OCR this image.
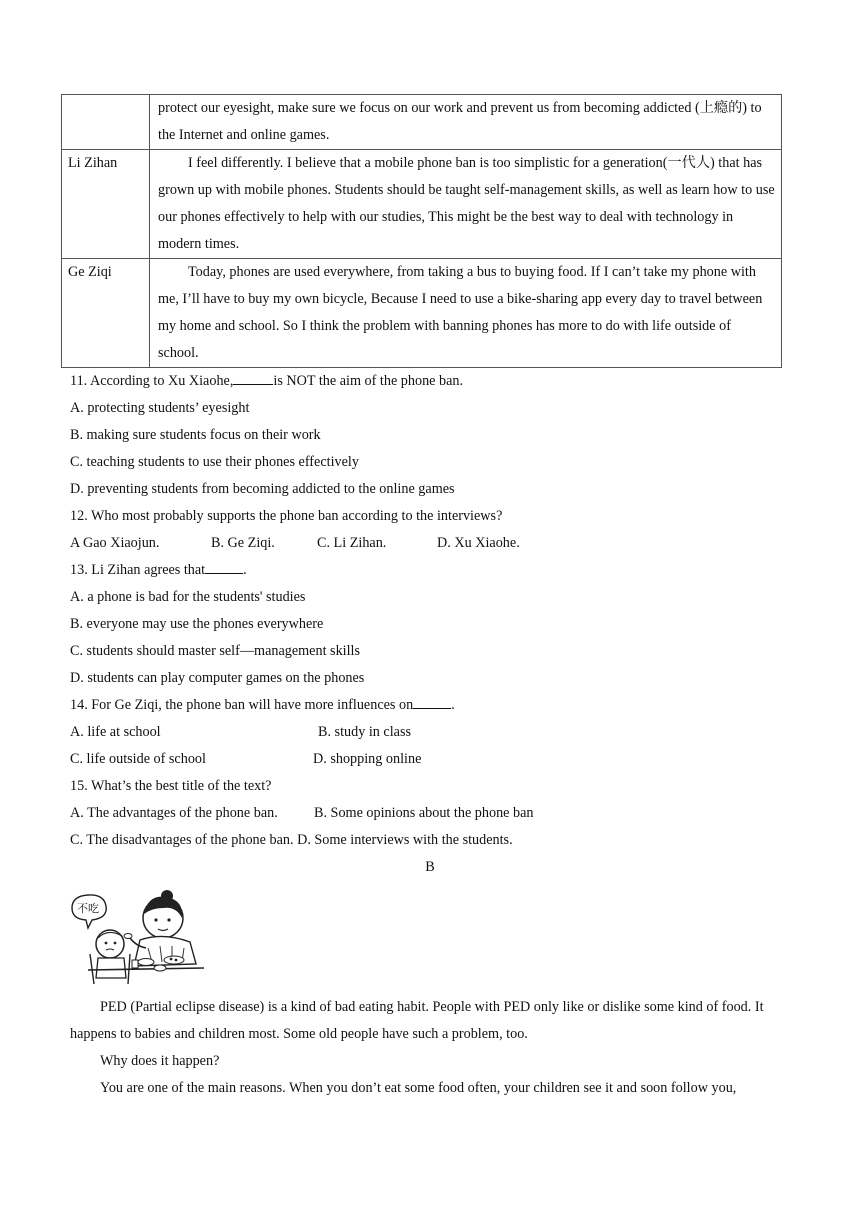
	protect our eyesight, make sure we focus on our work and prevent us from becoming addicted (上瘾的) to the Internet and online games.
Li Zihan	I feel differently. I believe that a mobile phone ban is too simplistic for a generation(一代人) that has grown up with mobile phones. Students should be taught self-management skills, as well as learn how to use our phones effectively to help with our studies, This might be the best way to deal with technology in modern times.
Ge Ziqi	Today, phones are used everywhere, from taking a bus to buying food. If I can’t take my phone with me, I’ll have to buy my own bicycle, Because I need to use a bike-sharing app every day to travel between my home and school. So I think the problem with banning phones has more to do with life outside of school.
11. According to Xu Xiaohe,	is NOT the aim of the phone ban.
A. protecting students’ eyesight
B. making sure students focus on their work
C. teaching students to use their phones effectively
D. preventing students from becoming addicted to the online games
12. Who most probably supports the phone ban according to the interviews?
A Gao Xiaojun.	B. Ge Ziqi.	C. Li Zihan.	D. Xu Xiaohe.
13. Li Zihan agrees that	.
A. a phone is bad for the students' studies
B. everyone may use the phones everywhere
C. students should master self—management skills
D. students can play computer games on the phones
14. For Ge Ziqi, the phone ban will have more influences on	.
A. life at school	B. study in class
C. life outside of school	D. shopping online
15. What’s the best title of the text?
A. The advantages of the phone ban.	B. Some opinions about the phone ban
C. The disadvantages of the phone ban. D. Some interviews with the students.
B
不吃

PED (Partial eclipse disease) is a kind of bad eating habit. People with PED only like or dislike some kind of food. It happens to babies and children most. Some old people have such a problem, too.

Why does it happen?

You are one of the main reasons. When you don’t eat some food often, your children see it and soon follow you,
